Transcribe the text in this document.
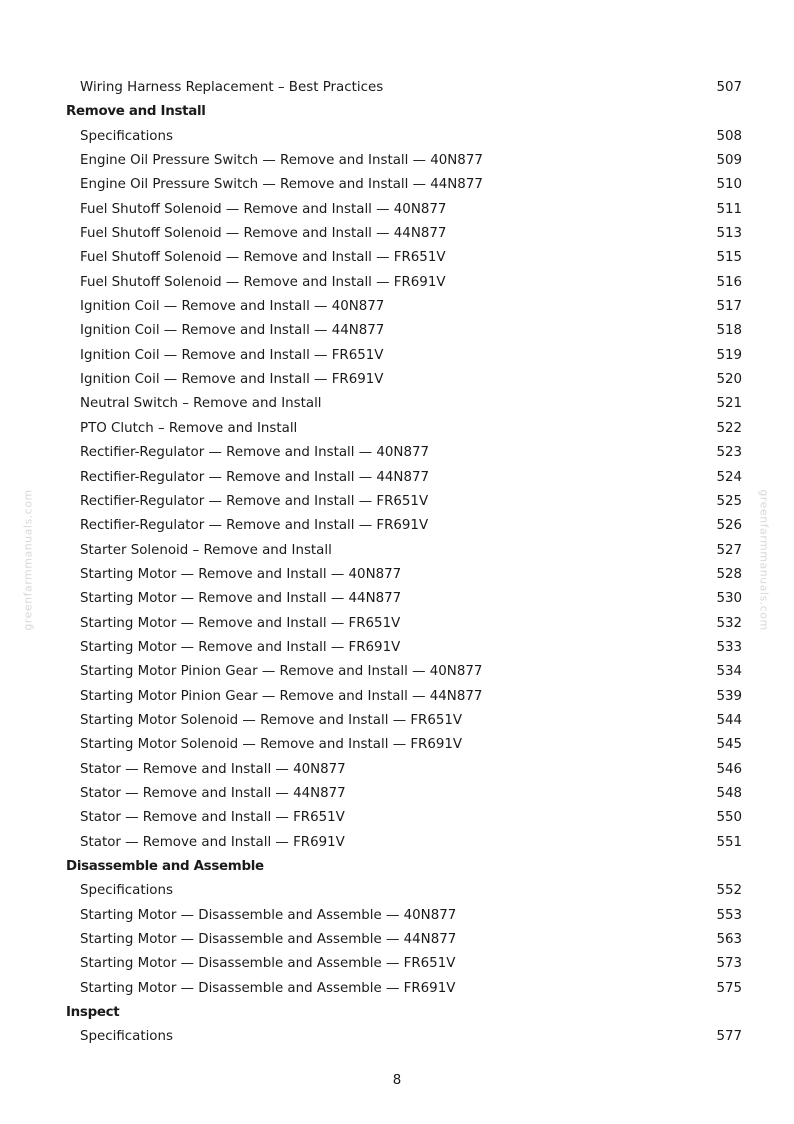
greenfarmmanuals.com	greenfarmmanuals.com
Wiring Harness Replacement – Best Practices	507
Remove and Install
Specifications	508
Engine Oil Pressure Switch — Remove and Install — 40N877	509
Engine Oil Pressure Switch — Remove and Install — 44N877	510
Fuel Shutoff Solenoid — Remove and Install — 40N877	511
Fuel Shutoff Solenoid — Remove and Install — 44N877	513
Fuel Shutoff Solenoid — Remove and Install — FR651V	515
Fuel Shutoff Solenoid — Remove and Install — FR691V	516
Ignition Coil — Remove and Install — 40N877	517
Ignition Coil — Remove and Install — 44N877	518
Ignition Coil — Remove and Install — FR651V	519
Ignition Coil — Remove and Install — FR691V	520
Neutral Switch – Remove and Install	521
PTO Clutch – Remove and Install	522
Rectifier-Regulator — Remove and Install — 40N877	523
Rectifier-Regulator — Remove and Install — 44N877	524
Rectifier-Regulator — Remove and Install — FR651V	525
Rectifier-Regulator — Remove and Install — FR691V	526
Starter Solenoid – Remove and Install	527
Starting Motor — Remove and Install — 40N877	528
Starting Motor — Remove and Install — 44N877	530
Starting Motor — Remove and Install — FR651V	532
Starting Motor — Remove and Install — FR691V	533
Starting Motor Pinion Gear — Remove and Install — 40N877	534
Starting Motor Pinion Gear — Remove and Install — 44N877	539
Starting Motor Solenoid — Remove and Install — FR651V	544
Starting Motor Solenoid — Remove and Install — FR691V	545
Stator — Remove and Install — 40N877	546
Stator — Remove and Install — 44N877	548
Stator — Remove and Install — FR651V	550
Stator — Remove and Install — FR691V	551
Disassemble and Assemble
Specifications	552
Starting Motor — Disassemble and Assemble — 40N877	553
Starting Motor — Disassemble and Assemble — 44N877	563
Starting Motor — Disassemble and Assemble — FR651V	573
Starting Motor — Disassemble and Assemble — FR691V	575
Inspect
Specifications	577
8
